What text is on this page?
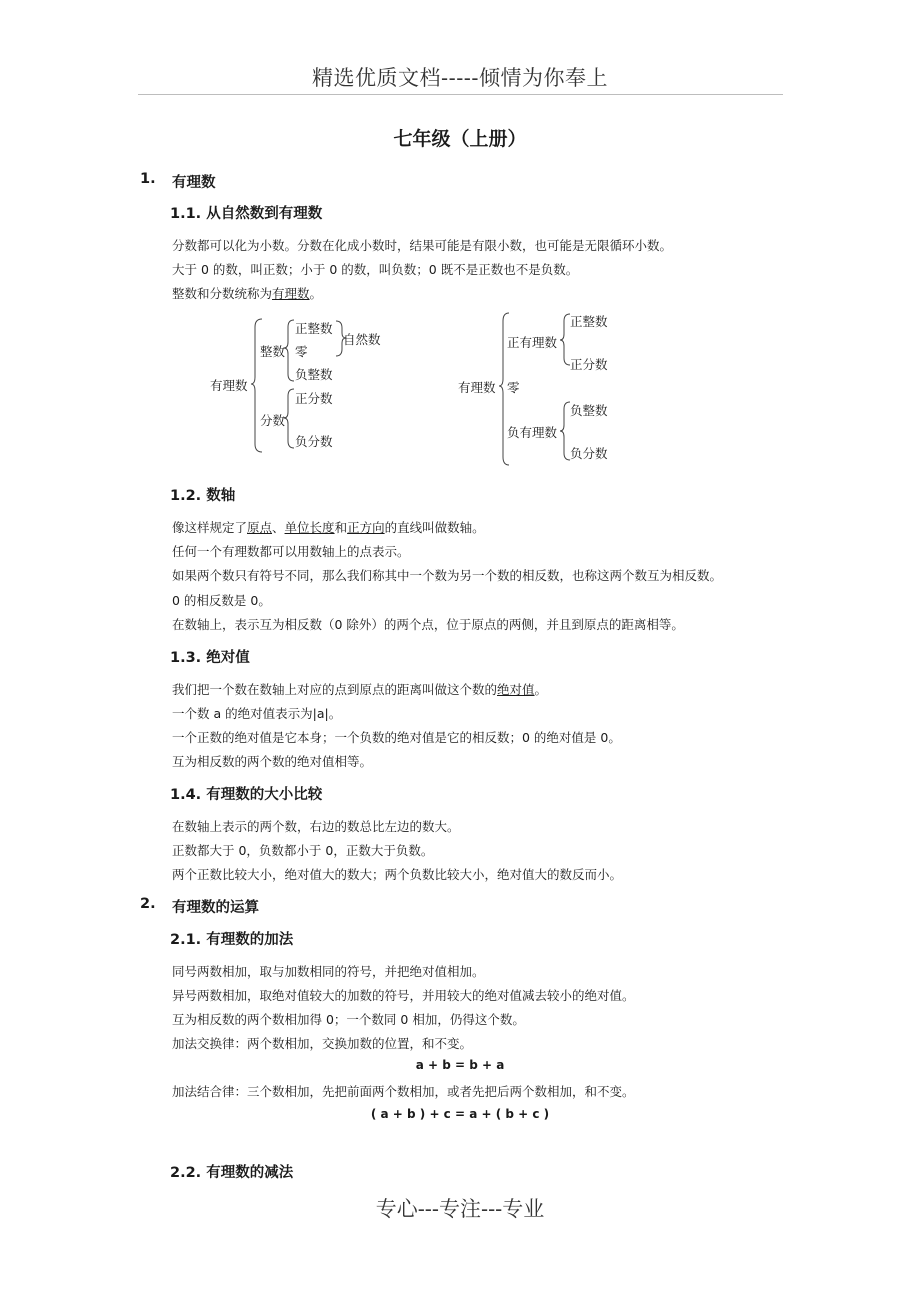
精选优质文档-----倾情为你奉上
七年级（上册）
1. 有理数
1.1. 从自然数到有理数
分数都可以化为小数。分数在化成小数时，结果可能是有限小数，也可能是无限循环小数。
大于 0 的数，叫正数；小于 0 的数，叫负数；0 既不是正数也不是负数。
整数和分数统称为有理数。
有理数
整数
分数
正整数
零
负整数
自然数
正分数
负分数
有理数 零
正有理数
负有理数
正整数
正分数
负整数
负分数
1.2. 数轴
像这样规定了原点、单位长度和正方向的直线叫做数轴。
任何一个有理数都可以用数轴上的点表示。
如果两个数只有符号不同，那么我们称其中一个数为另一个数的相反数，也称这两个数互为相反数。
0 的相反数是 0。
在数轴上，表示互为相反数（0 除外）的两个点，位于原点的两侧，并且到原点的距离相等。
1.3. 绝对值
我们把一个数在数轴上对应的点到原点的距离叫做这个数的绝对值。
一个数 a 的绝对值表示为|a|。
一个正数的绝对值是它本身；一个负数的绝对值是它的相反数；0 的绝对值是 0。
互为相反数的两个数的绝对值相等。
1.4. 有理数的大小比较
在数轴上表示的两个数，右边的数总比左边的数大。
正数都大于 0，负数都小于 0，正数大于负数。
两个正数比较大小，绝对值大的数大；两个负数比较大小，绝对值大的数反而小。
2. 有理数的运算
2.1. 有理数的加法
同号两数相加，取与加数相同的符号，并把绝对值相加。
异号两数相加，取绝对值较大的加数的符号，并用较大的绝对值减去较小的绝对值。
互为相反数的两个数相加得 0；一个数同 0 相加，仍得这个数。
加法交换律：两个数相加，交换加数的位置，和不变。
a + b = b + a
加法结合律：三个数相加，先把前面两个数相加，或者先把后两个数相加，和不变。
( a + b ) + c = a + ( b + c )
2.2. 有理数的减法
专心---专注---专业
